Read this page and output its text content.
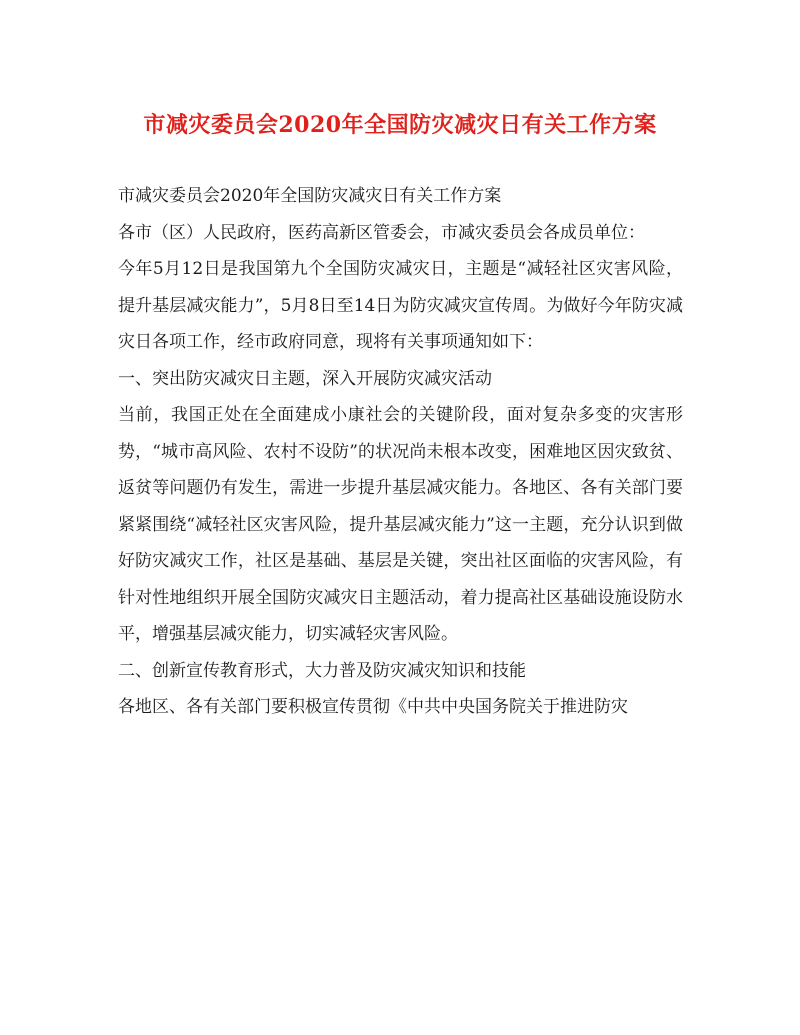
市减灾委员会2020年全国防灾减灾日有关工作方案

市减灾委员会2020年全国防灾减灾日有关工作方案

各市（区）人民政府，医药高新区管委会，市减灾委员会各成员单位：

今年5月12日是我国第九个全国防灾减灾日，主题是“减轻社区灾害风险，提升基层减灾能力”，5月8日至14日为防灾减灾宣传周。为做好今年防灾减灾日各项工作，经市政府同意，现将有关事项通知如下：

一、突出防灾减灾日主题，深入开展防灾减灾活动

当前，我国正处在全面建成小康社会的关键阶段，面对复杂多变的灾害形势，“城市高风险、农村不设防”的状况尚未根本改变，困难地区因灾致贫、返贫等问题仍有发生，需进一步提升基层减灾能力。各地区、各有关部门要紧紧围绕“减轻社区灾害风险，提升基层减灾能力”这一主题，充分认识到做好防灾减灾工作，社区是基础、基层是关键，突出社区面临的灾害风险，有针对性地组织开展全国防灾减灾日主题活动，着力提高社区基础设施设防水平，增强基层减灾能力，切实减轻灾害风险。

二、创新宣传教育形式，大力普及防灾减灾知识和技能

各地区、各有关部门要积极宣传贯彻《中共中央国务院关于推进防灾
